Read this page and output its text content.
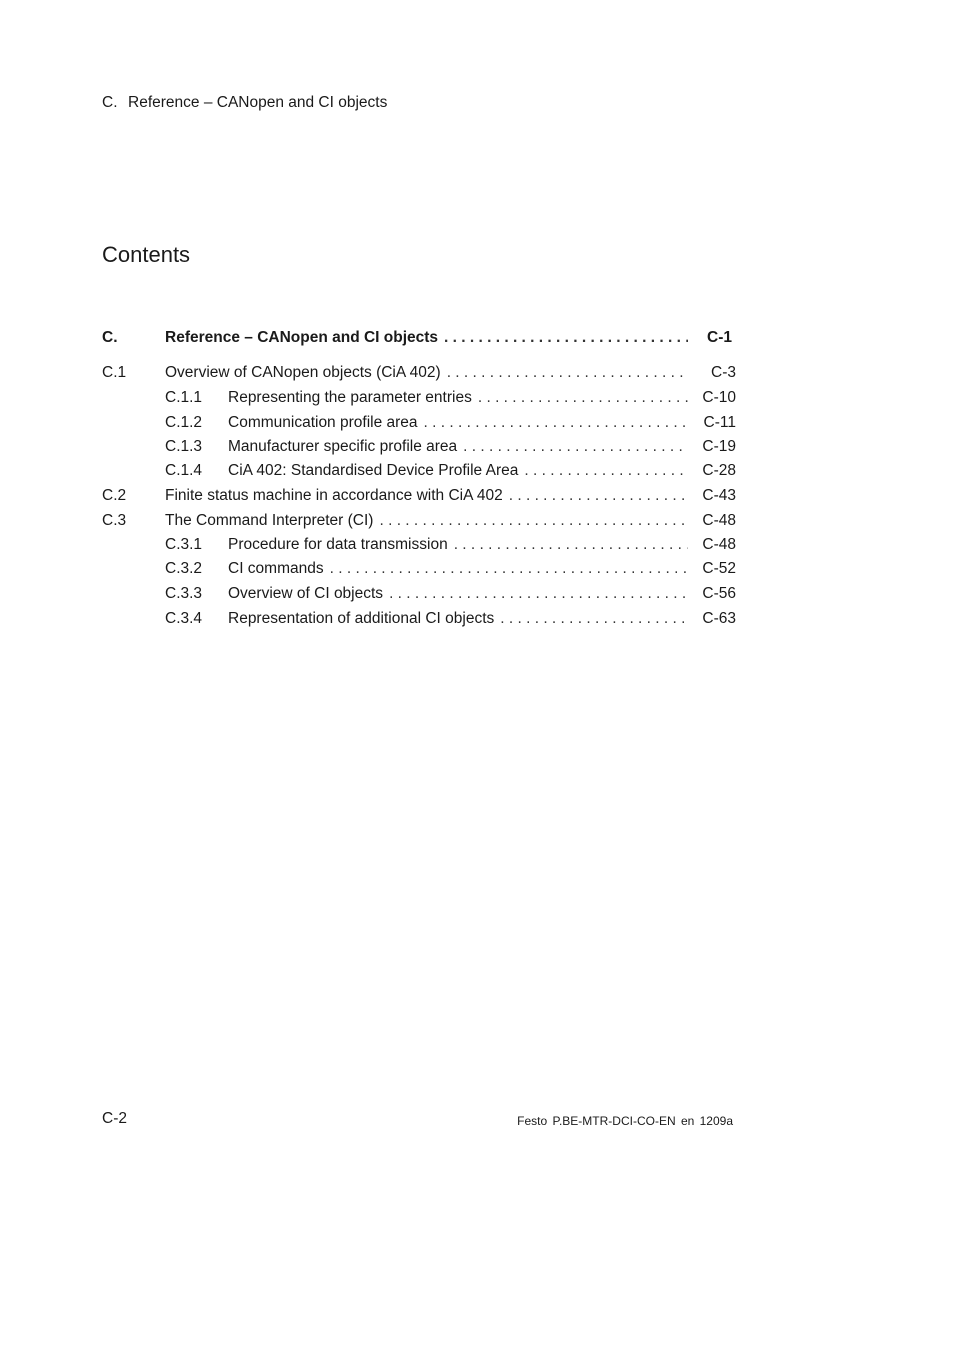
C. Reference – CANopen and CI objects
Contents
C.	Reference – CANopen and CI objects . . .	C-1
C.1	Overview of CANopen objects (CiA 402) . . .	C-3
C.1.1 Representing the parameter entries . . .	C-10
C.1.2 Communication profile area . . .	C-11
C.1.3 Manufacturer specific profile area . . .	C-19
C.1.4 CiA 402: Standardised Device Profile Area . . .	C-28
C.2	Finite status machine in accordance with CiA 402 . . .	C-43
C.3	The Command Interpreter (CI) . . .	C-48
C.3.1 Procedure for data transmission . . .	C-48
C.3.2 CI commands . . .	C-52
C.3.3 Overview of CI objects . . .	C-56
C.3.4 Representation of additional CI objects . . .	C-63
C-2	Festo P.BE-MTR-DCI-CO-EN en 1209a
